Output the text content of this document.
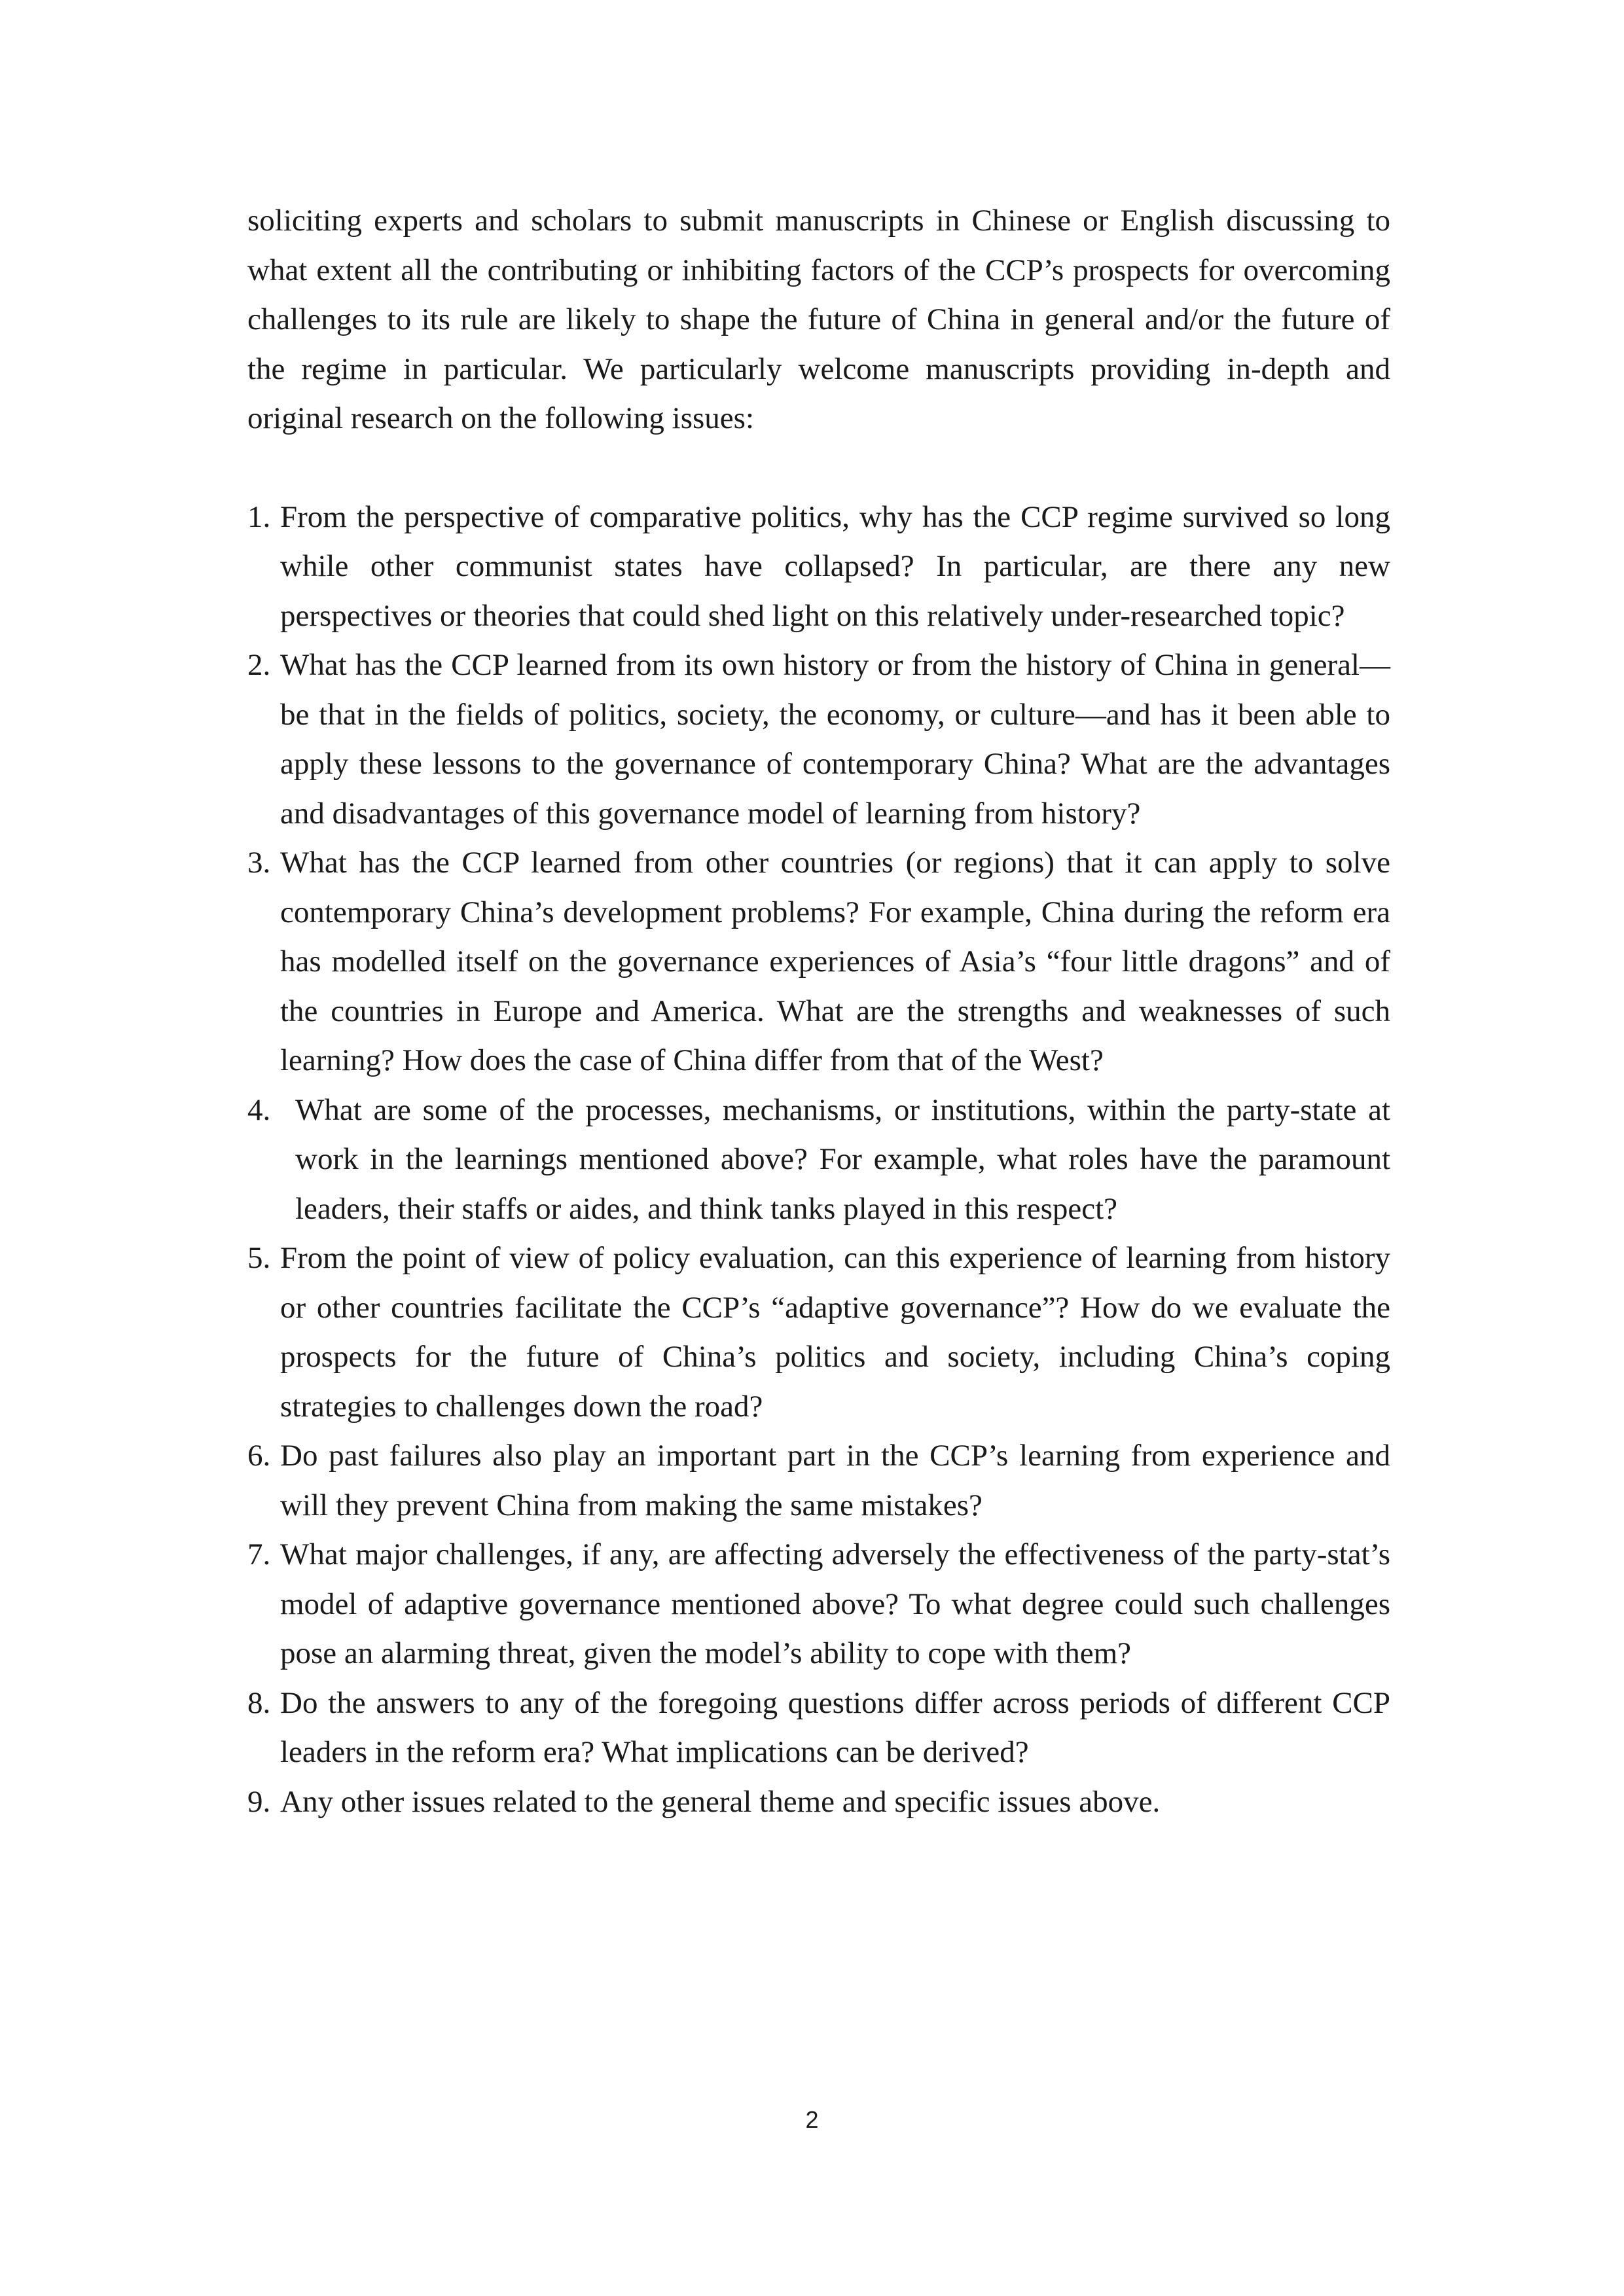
soliciting experts and scholars to submit manuscripts in Chinese or English discussing to what extent all the contributing or inhibiting factors of the CCP’s prospects for overcoming challenges to its rule are likely to shape the future of China in general and/or the future of the regime in particular. We particularly welcome manuscripts providing in-depth and original research on the following issues:

1. From the perspective of comparative politics, why has the CCP regime survived so long while other communist states have collapsed? In particular, are there any new perspectives or theories that could shed light on this relatively under-researched topic?
2. What has the CCP learned from its own history or from the history of China in general—be that in the fields of politics, society, the economy, or culture—and has it been able to apply these lessons to the governance of contemporary China? What are the advantages and disadvantages of this governance model of learning from history?
3. What has the CCP learned from other countries (or regions) that it can apply to solve contemporary China’s development problems? For example, China during the reform era has modelled itself on the governance experiences of Asia’s “four little dragons” and of the countries in Europe and America. What are the strengths and weaknesses of such learning? How does the case of China differ from that of the West?
4. What are some of the processes, mechanisms, or institutions, within the party-state at work in the learnings mentioned above? For example, what roles have the paramount leaders, their staffs or aides, and think tanks played in this respect?
5. From the point of view of policy evaluation, can this experience of learning from history or other countries facilitate the CCP’s “adaptive governance”? How do we evaluate the prospects for the future of China’s politics and society, including China’s coping strategies to challenges down the road?
6. Do past failures also play an important part in the CCP’s learning from experience and will they prevent China from making the same mistakes?
7. What major challenges, if any, are affecting adversely the effectiveness of the party-stat’s model of adaptive governance mentioned above? To what degree could such challenges pose an alarming threat, given the model’s ability to cope with them?
8. Do the answers to any of the foregoing questions differ across periods of different CCP leaders in the reform era? What implications can be derived?
9. Any other issues related to the general theme and specific issues above.
2
